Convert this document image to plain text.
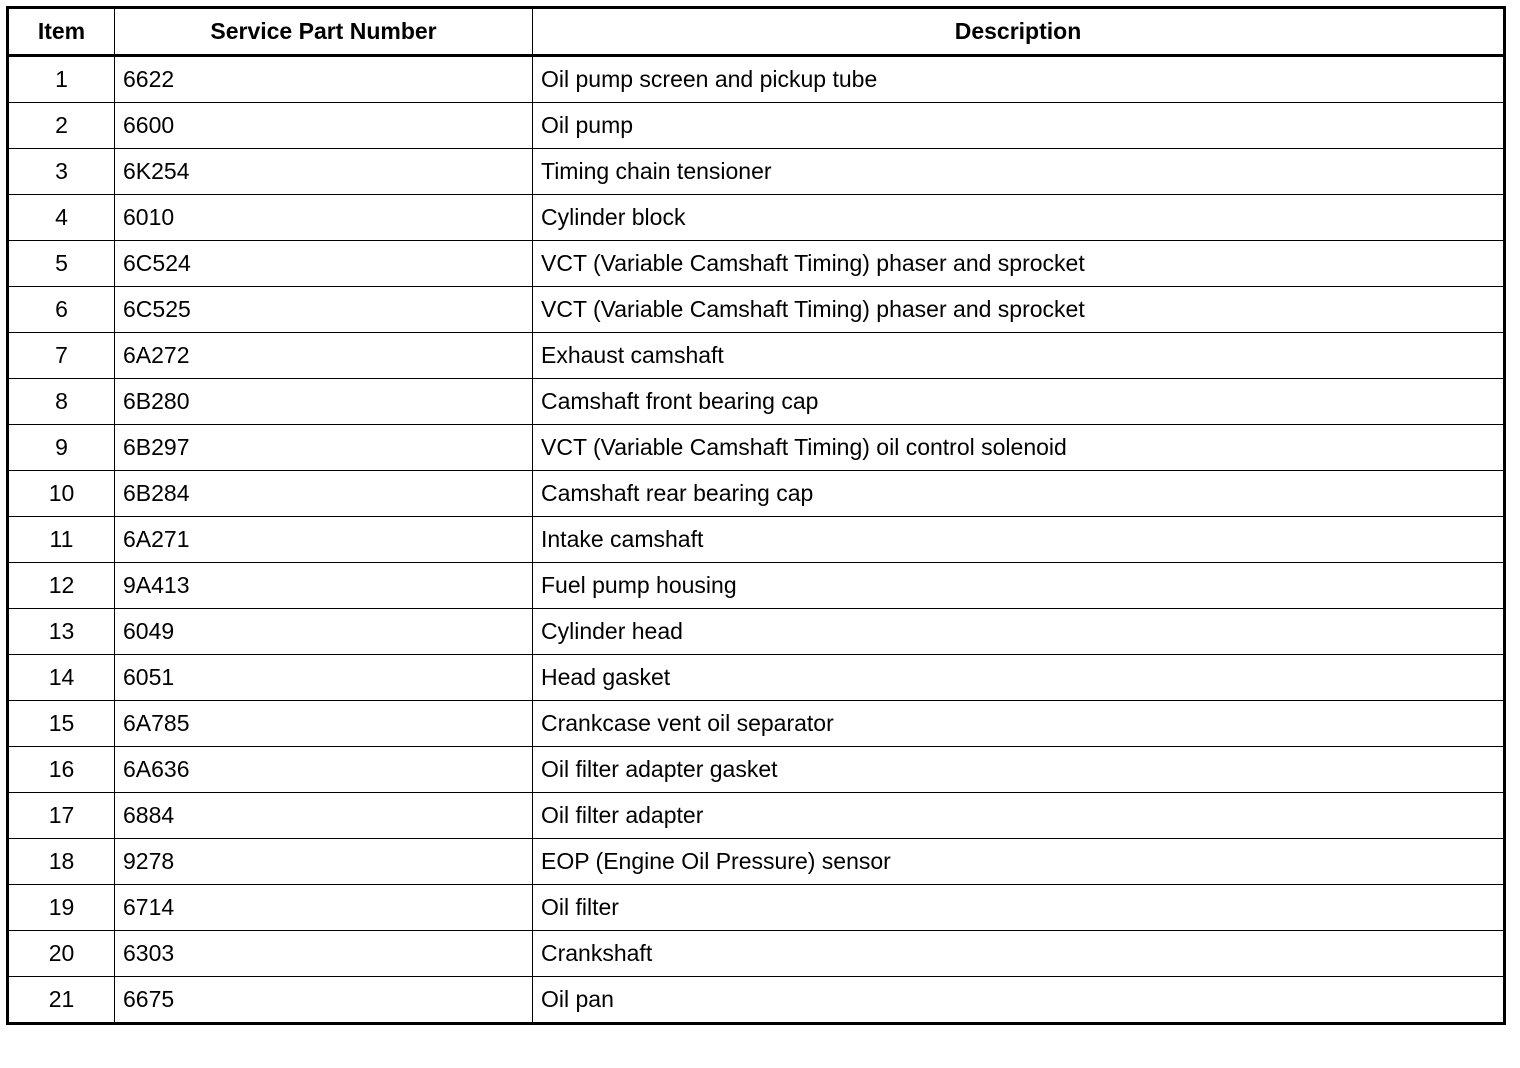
Item	Service Part Number	Description
1	6622	Oil pump screen and pickup tube
2	6600	Oil pump
3	6K254	Timing chain tensioner
4	6010	Cylinder block
5	6C524	VCT (Variable Camshaft Timing) phaser and sprocket
6	6C525	VCT (Variable Camshaft Timing) phaser and sprocket
7	6A272	Exhaust camshaft
8	6B280	Camshaft front bearing cap
9	6B297	VCT (Variable Camshaft Timing) oil control solenoid
10	6B284	Camshaft rear bearing cap
11	6A271	Intake camshaft
12	9A413	Fuel pump housing
13	6049	Cylinder head
14	6051	Head gasket
15	6A785	Crankcase vent oil separator
16	6A636	Oil filter adapter gasket
17	6884	Oil filter adapter
18	9278	EOP (Engine Oil Pressure) sensor
19	6714	Oil filter
20	6303	Crankshaft
21	6675	Oil pan
